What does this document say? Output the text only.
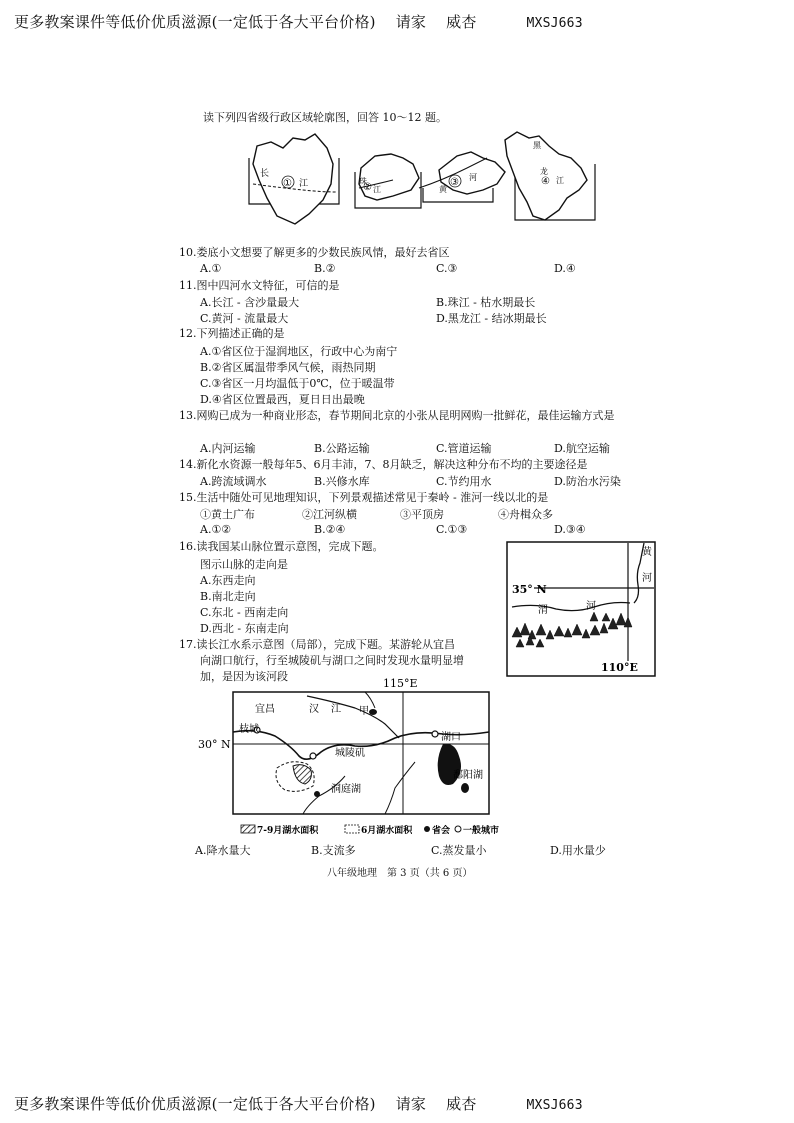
更多教案课件等低价优质滋源(一定低于各大平台价格) 请家 威杏	MXSJ663
读下列四省级行政区域轮廓图，回答 10～12 题。
长
江
①	珠
江
②	黄
河
③
黑
龙
江
④
10.娄底小文想要了解更多的少数民族风情，最好去省区
A.①	B.②	C.③	D.④
11.图中四河水文特征，可信的是
A.长江 - 含沙量最大	B.珠江 - 枯水期最长
C.黄河 - 流量最大	D.黑龙江 - 结冰期最长
12.下列描述正确的是
A.①省区位于湿润地区，行政中心为南宁
B.②省区属温带季风气候，雨热同期
C.③省区一月均温低于0℃，位于暖温带
D.④省区位置最西，夏日日出最晚
13.网购已成为一种商业形态，春节期间北京的小张从昆明网购一批鲜花，最佳运输方式是
A.内河运输	B.公路运输	C.管道运输	D.航空运输
14.新化水资源一般每年5、6月丰沛，7、8月缺乏，解决这种分布不均的主要途径是
A.跨流域调水	B.兴修水库	C.节约用水	D.防治水污染
15.生活中随处可见地理知识，下列景观描述常见于秦岭 - 淮河一线以北的是
①黄土广布	②江河纵横	③平顶房	④舟楫众多
A.①②	B.②④	C.①③	D.③④
16.读我国某山脉位置示意图，完成下题。
图示山脉的走向是
A.东西走向
B.南北走向
C.东北 - 西南走向
D.西北 - 东南走向
35° N
110°E
黄
河
渭	河
17.读长江水系示意图（局部），完成下题。某游轮从宜昌
向湖口航行，行至城陵矶与湖口之间时发现水量明显增
加，是因为该河段
115°E
30° N
宜昌
枝城
城陵矶
洞庭湖
湖口
鄱阳湖
汉 江 甲
7-9月湖水面积	6月湖水面积 省会 一般城市
A.降水量大	B.支流多	C.蒸发量小	D.用水量少
八年级地理　第 3 页（共 6 页）
更多教案课件等低价优质滋源(一定低于各大平台价格) 请家 威杏	MXSJ663
